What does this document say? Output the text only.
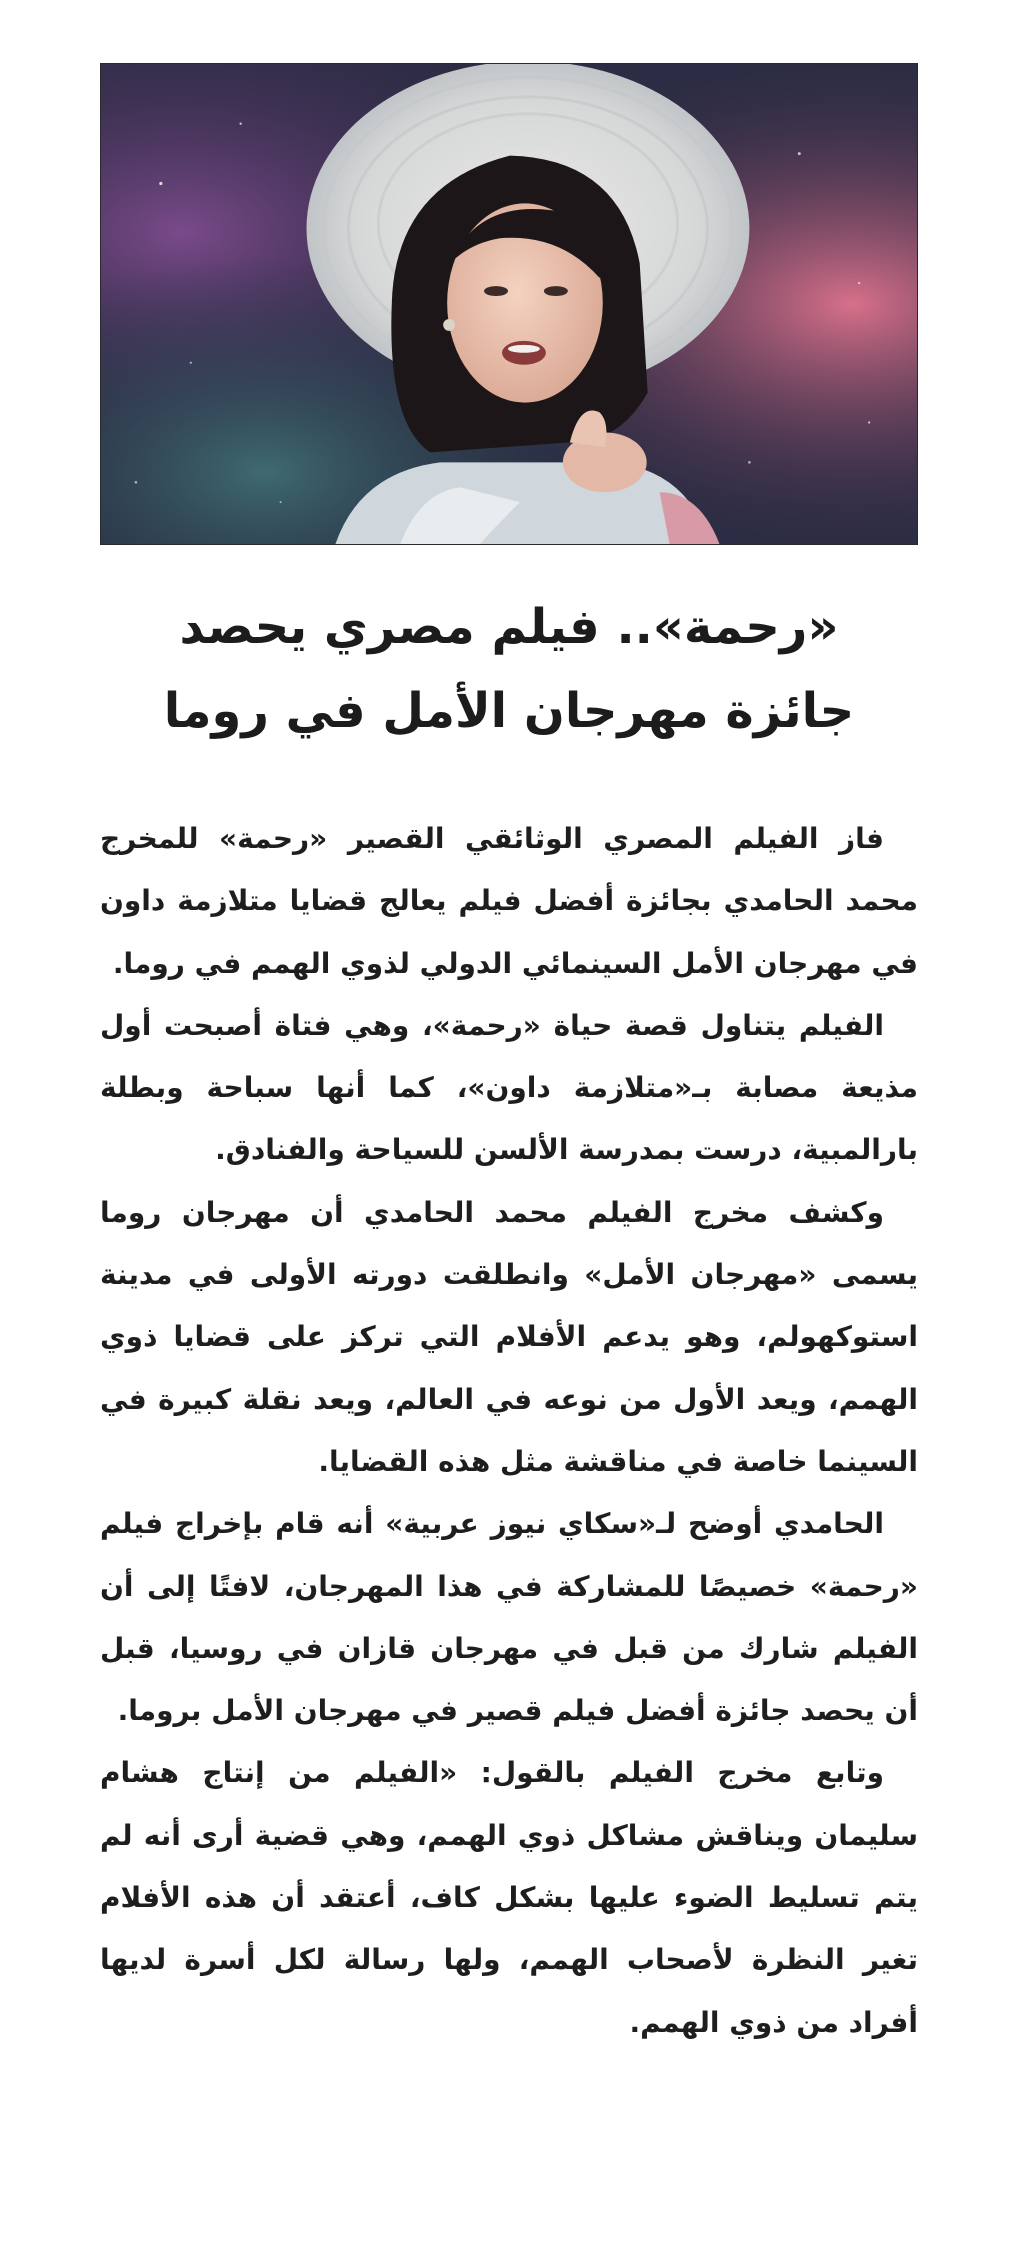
«رحمة».. فيلم مصري يحصد
جائزة مهرجان الأمل في روما

فاز الفيلم المصري الوثائقي القصير «رحمة» للمخرج محمد الحامدي بجائزة أفضل فيلم يعالج قضايا متلازمة داون في مهرجان الأمل السينمائي الدولي لذوي الهمم في روما.

الفيلم يتناول قصة حياة «رحمة»، وهي فتاة أصبحت أول مذيعة مصابة بـ«متلازمة داون»، كما أنها سباحة وبطلة بارالمبية، درست بمدرسة الألسن للسياحة والفنادق.

وكشف مخرج الفيلم محمد الحامدي أن مهرجان روما يسمى «مهرجان الأمل» وانطلقت دورته الأولى في مدينة استوكهولم، وهو يدعم الأفلام التي تركز على قضايا ذوي الهمم، ويعد الأول من نوعه في العالم، ويعد نقلة كبيرة في السينما خاصة في مناقشة مثل هذه القضايا.

الحامدي أوضح لـ«سكاي نيوز عربية» أنه قام بإخراج فيلم «رحمة» خصيصًا للمشاركة في هذا المهرجان، لافتًا إلى أن الفيلم شارك من قبل في مهرجان قازان في روسيا، قبل أن يحصد جائزة أفضل فيلم قصير في مهرجان الأمل بروما.

وتابع مخرج الفيلم بالقول: «الفيلم من إنتاج هشام سليمان ويناقش مشاكل ذوي الهمم، وهي قضية أرى أنه لم يتم تسليط الضوء عليها بشكل كاف، أعتقد أن هذه الأفلام تغير النظرة لأصحاب الهمم، ولها رسالة لكل أسرة لديها أفراد من ذوي الهمم.
